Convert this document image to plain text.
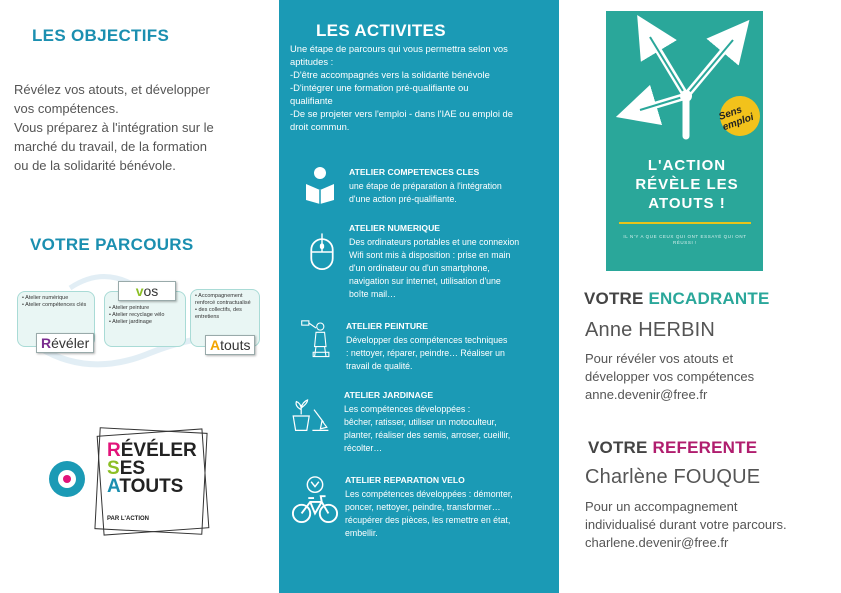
LES OBJECTIFS

Révélez vos atouts, et développer

vos compétences.

Vous préparez à l'intégration sur le

marché du travail, de la formation

ou de la solidarité bénévole.

VOTRE PARCOURS
• Atelier numérique
• Atelier compétences clés
Révéler
• Atelier peinture
• Atelier recyclage vélo
• Atelier jardinage
vos
•	Accompagnement renforcé contractualisé
• des collectifs, des entretiens
Atouts
RÉVÉLER
SES
ATOUTS
PAR L'ACTION
LES ACTIVITES

Une étape de parcours qui vous permettra selon vos

aptitudes :

-D'être accompagnés vers la solidarité bénévole

-D'intégrer une formation pré-qualifiante ou

qualifiante

-De se projeter vers l'emploi - dans l'IAE ou emploi de

droit commun.

ATELIER COMPETENCES CLES
une étape de préparation à l'intégration
d'une action pré-qualifiante.
ATELIER NUMERIQUE
Des ordinateurs portables et une connexion
Wifi sont mis à disposition : prise en main
d'un ordinateur ou d'un smartphone,
navigation sur internet, utilisation d'une
boîte mail…
ATELIER PEINTURE
Développer des compétences techniques
: nettoyer, réparer, peindre… Réaliser un
travail de qualité.
ATELIER JARDINAGE
Les compétences développées :
bêcher, ratisser, utiliser un motoculteur,
planter, réaliser des semis, arroser, cueillir,
récolter…
ATELIER REPARATION VELO
Les compétences développées : démonter,
poncer, nettoyer, peindre, transformer…
récupérer des pièces, les remettre en état,
embellir.
Sens emploi
L'ACTION RÉVÈLE LES ATOUTS !
IL N'Y A QUE CEUX QUI ONT ESSAYÉ QUI ONT RÉUSSI !
VOTRE ENCADRANTE
Anne HERBIN
Pour révéler vos atouts et
développer vos compétences
anne.devenir@free.fr
VOTRE REFERENTE
Charlène FOUQUE
Pour un accompagnement
individualisé durant votre parcours.
charlene.devenir@free.fr
